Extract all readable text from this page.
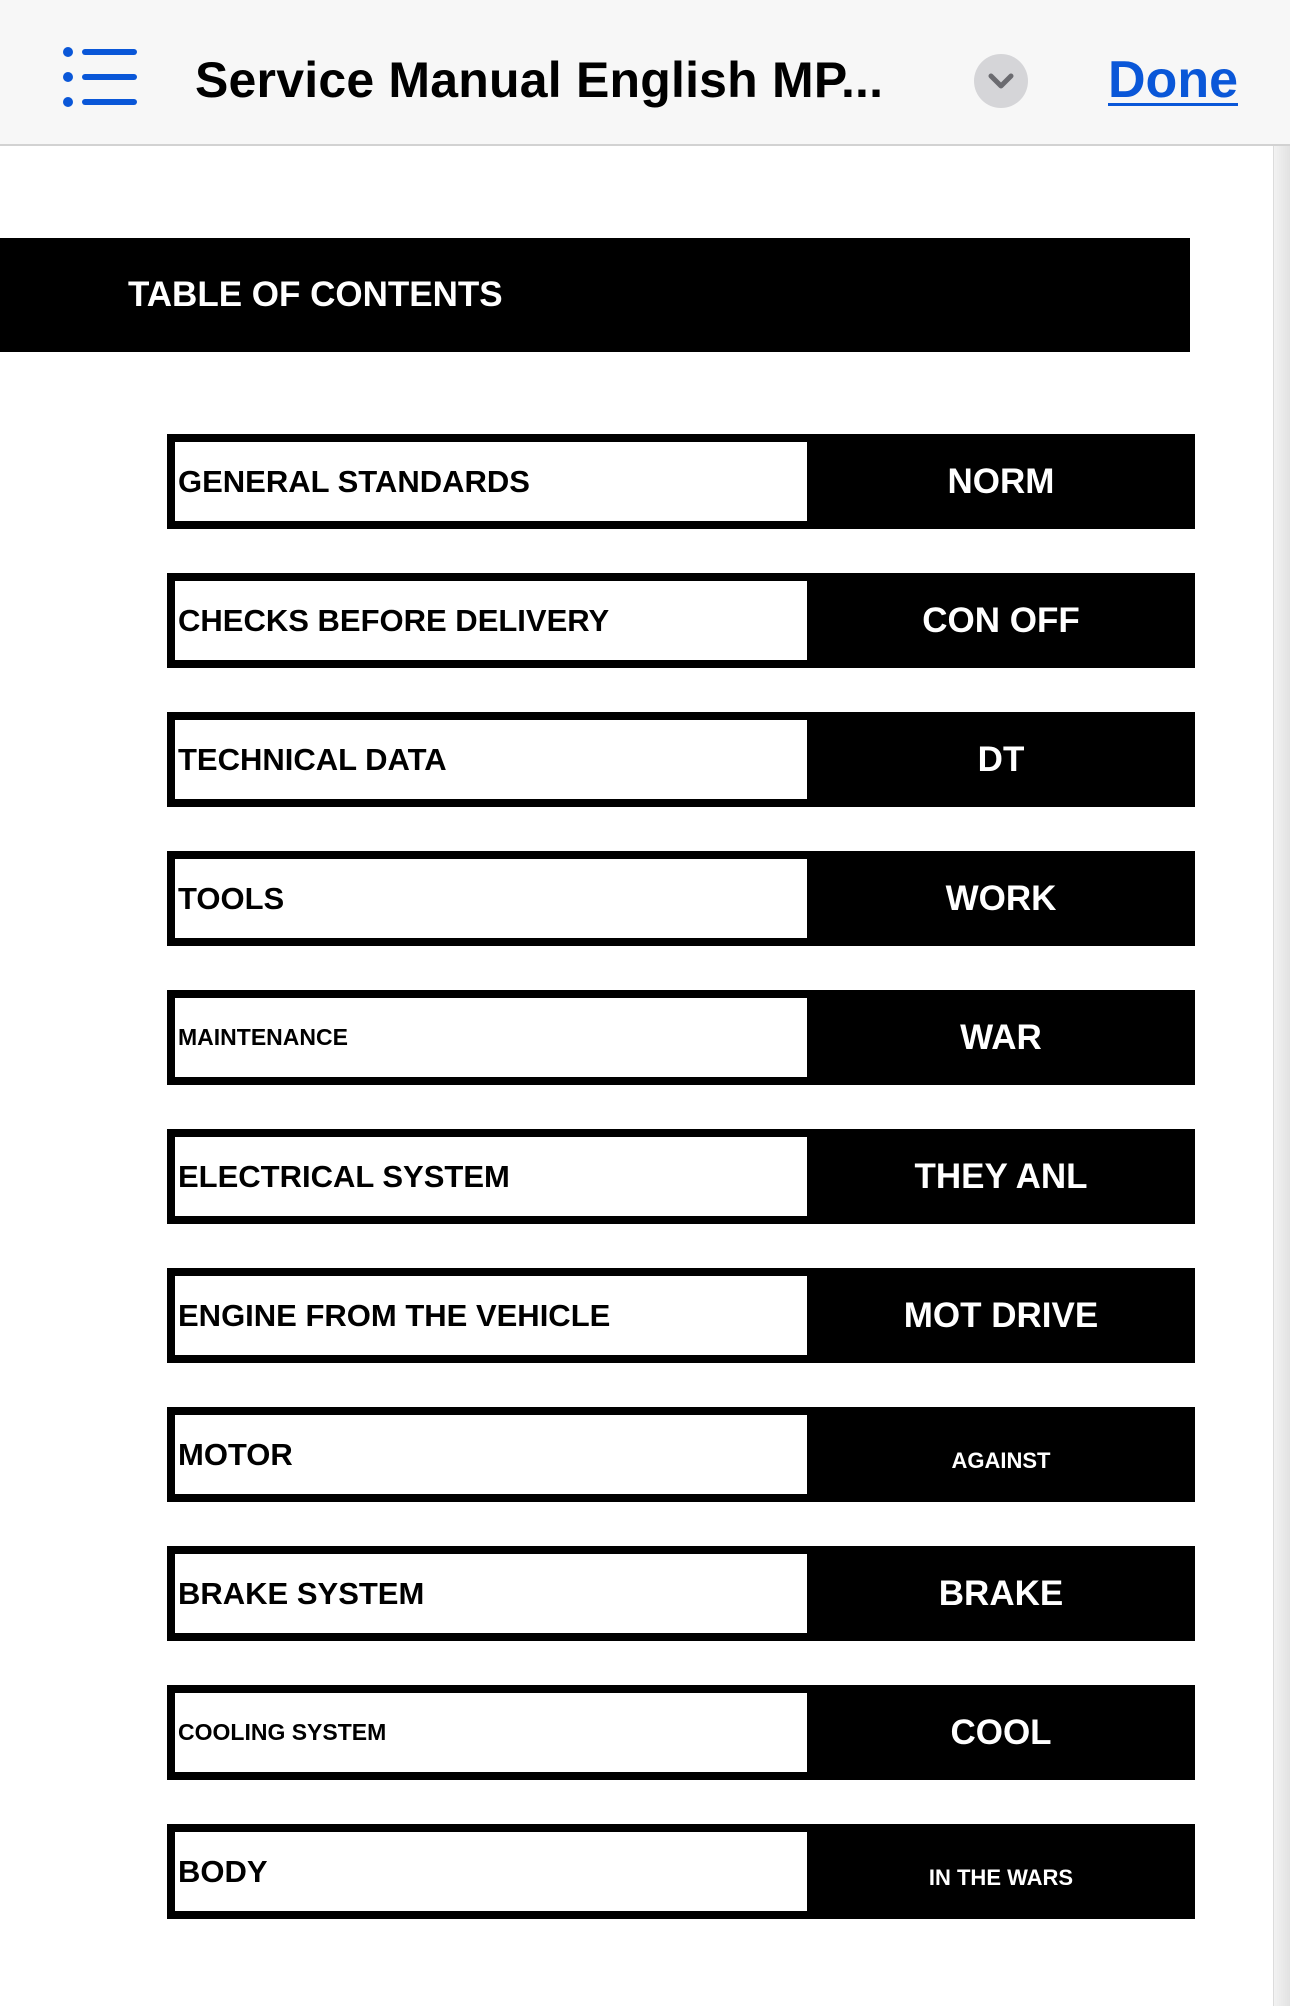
Service Manual English MP...	Done
TABLE OF CONTENTS
GENERAL STANDARDS	NORM
CHECKS BEFORE DELIVERY	CON OFF
TECHNICAL DATA	DT
TOOLS	WORK
MAINTENANCE	WAR
ELECTRICAL SYSTEM	THEY ANL
ENGINE FROM THE VEHICLE	MOT DRIVE
MOTOR	AGAINST
BRAKE SYSTEM	BRAKE
COOLING SYSTEM	COOL
BODY	IN THE WARS
